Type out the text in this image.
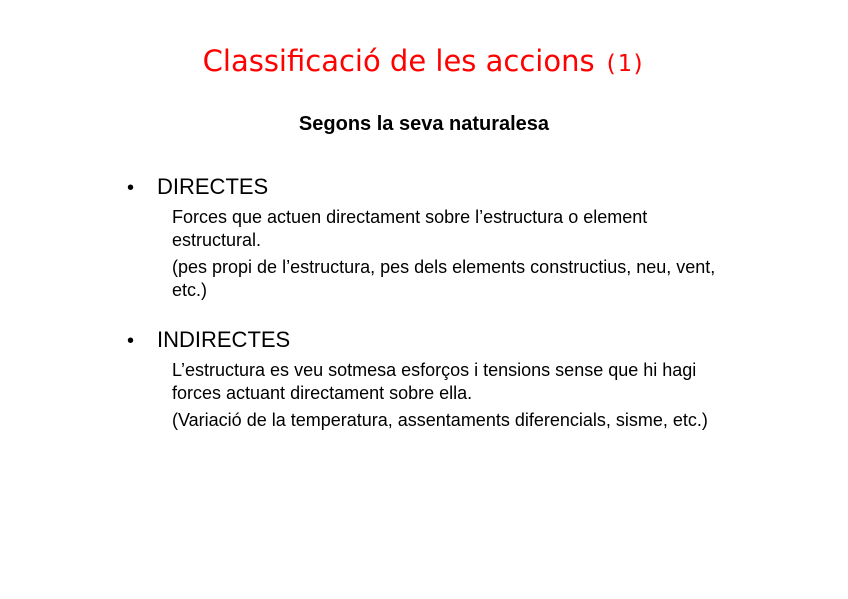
Classificació de les accions (1)
Segons la seva naturalesa
•	DIRECTES
Forces que actuen directament sobre l’estructura o element estructural.
(pes propi de l’estructura, pes dels elements constructius, neu, vent, etc.)
•	INDIRECTES
L’estructura es veu sotmesa esforços i tensions sense que hi hagi forces actuant directament sobre ella.
(Variació de la temperatura, assentaments diferencials, sisme, etc.)
